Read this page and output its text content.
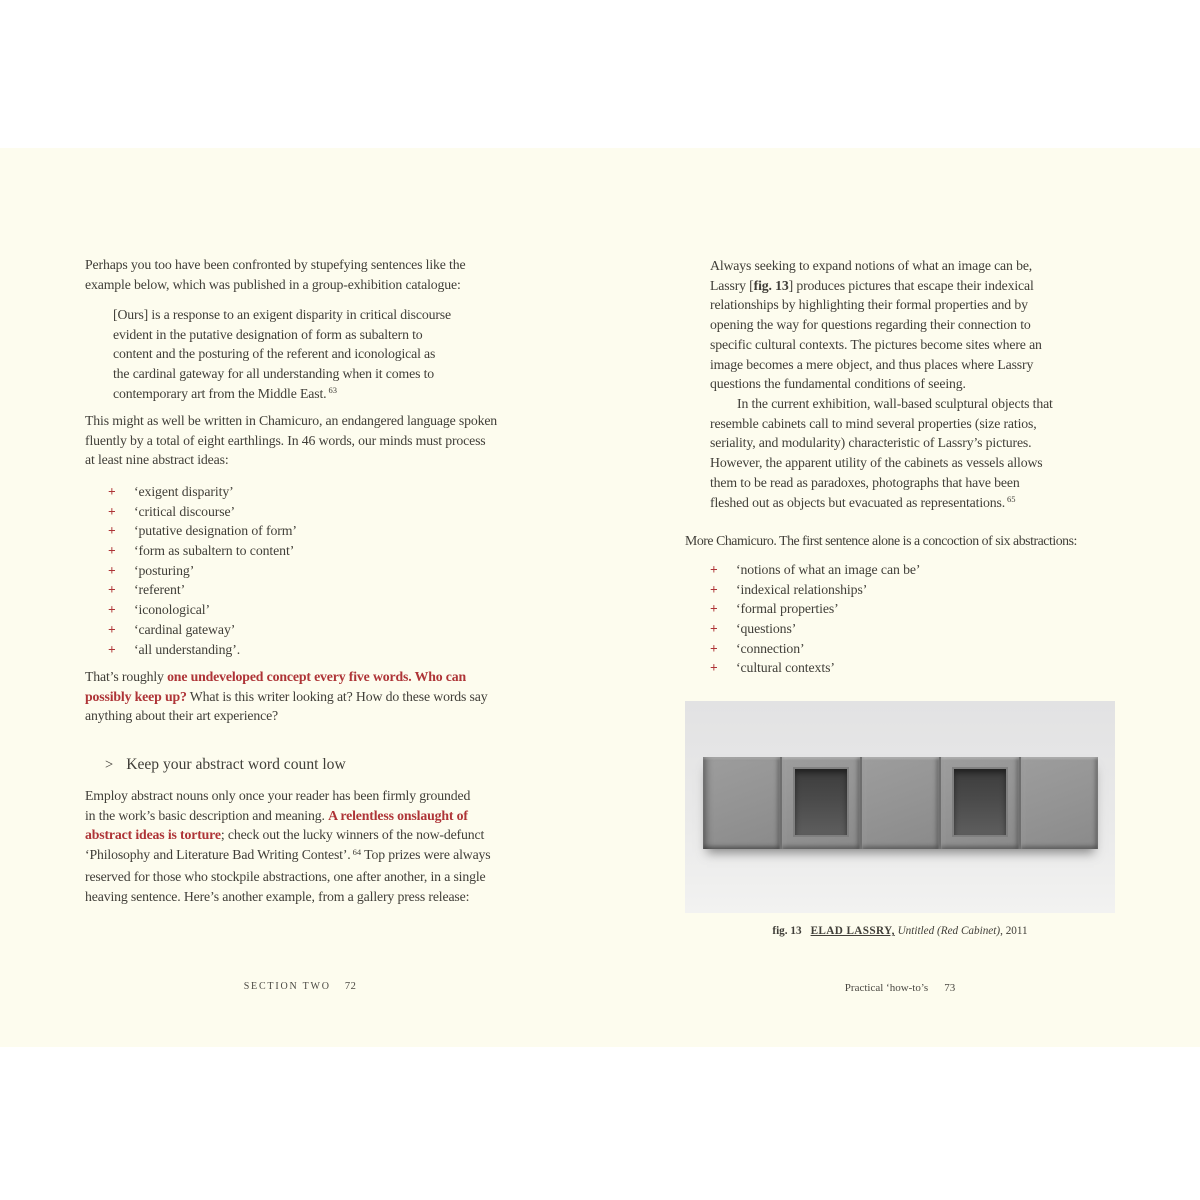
Perhaps you too have been confronted by stupefying sentences like the
example below, which was published in a group-exhibition catalogue:
[Ours] is a response to an exigent disparity in critical discourse
evident in the putative designation of form as subaltern to
content and the posturing of the referent and iconological as
the cardinal gateway for all understanding when it comes to
contemporary art from the Middle East. $^{63}$
This might as well be written in Chamicuro, an endangered language spoken
fluently by a total of eight earthlings. In 46 words, our minds must process
at least nine abstract ideas:
+	‘exigent disparity’
+	‘critical discourse’
+	‘putative designation of form’
+	‘form as subaltern to content’
+	‘posturing’
+	‘referent’
+	‘iconological’
+	‘cardinal gateway’
+	‘all understanding’.
That’s roughly one undeveloped concept every five words. Who can
possibly keep up? What is this writer looking at? How do these words say
anything about their art experience?
> Keep your abstract word count low
Employ abstract nouns only once your reader has been firmly grounded
in the work’s basic description and meaning. A relentless onslaught of
abstract ideas is torture; check out the lucky winners of the now-defunct
‘Philosophy and Literature Bad Writing Contest’. $^{64}$ Top prizes were always
reserved for those who stockpile abstractions, one after another, in a single
heaving sentence. Here’s another example, from a gallery press release:
SECTION TWO 72
Always seeking to expand notions of what an image can be,
Lassry [fig. 13] produces pictures that escape their indexical
relationships by highlighting their formal properties and by
opening the way for questions regarding their connection to
specific cultural contexts. The pictures become sites where an
image becomes a mere object, and thus places where Lassry
questions the fundamental conditions of seeing.
In the current exhibition, wall-based sculptural objects that
resemble cabinets call to mind several properties (size ratios,
seriality, and modularity) characteristic of Lassry’s pictures.
However, the apparent utility of the cabinets as vessels allows
them to be read as paradoxes, photographs that have been
fleshed out as objects but evacuated as representations. $^{65}$
More Chamicuro. The first sentence alone is a concoction of six abstractions:
+	‘notions of what an image can be’
+	‘indexical relationships’
+	‘formal properties’
+	‘questions’
+	‘connection’
+	‘cultural contexts’
fig. 13 ELAD LASSRY, Untitled (Red Cabinet), 2011
Practical ‘how-to’s 73
